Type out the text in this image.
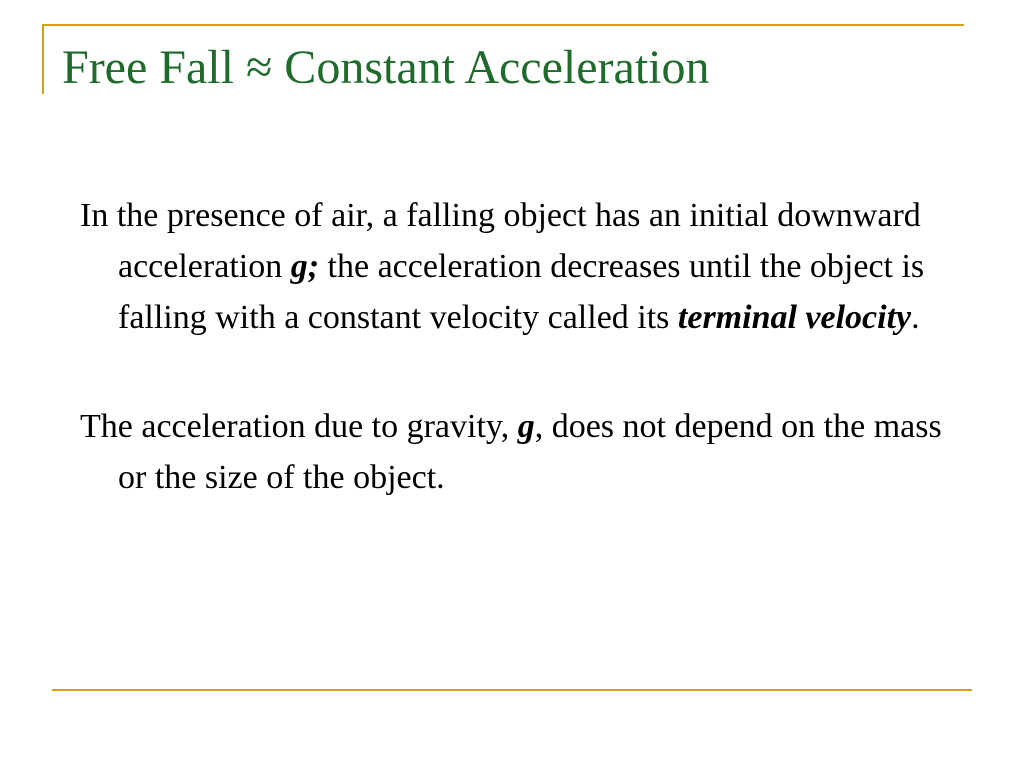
Free Fall ≈ Constant Acceleration

In the presence of air, a falling object has an initial downward acceleration g; the acceleration decreases until the object is falling with a constant velocity called its terminal velocity.

The acceleration due to gravity, g, does not depend on the mass or the size of the object.
